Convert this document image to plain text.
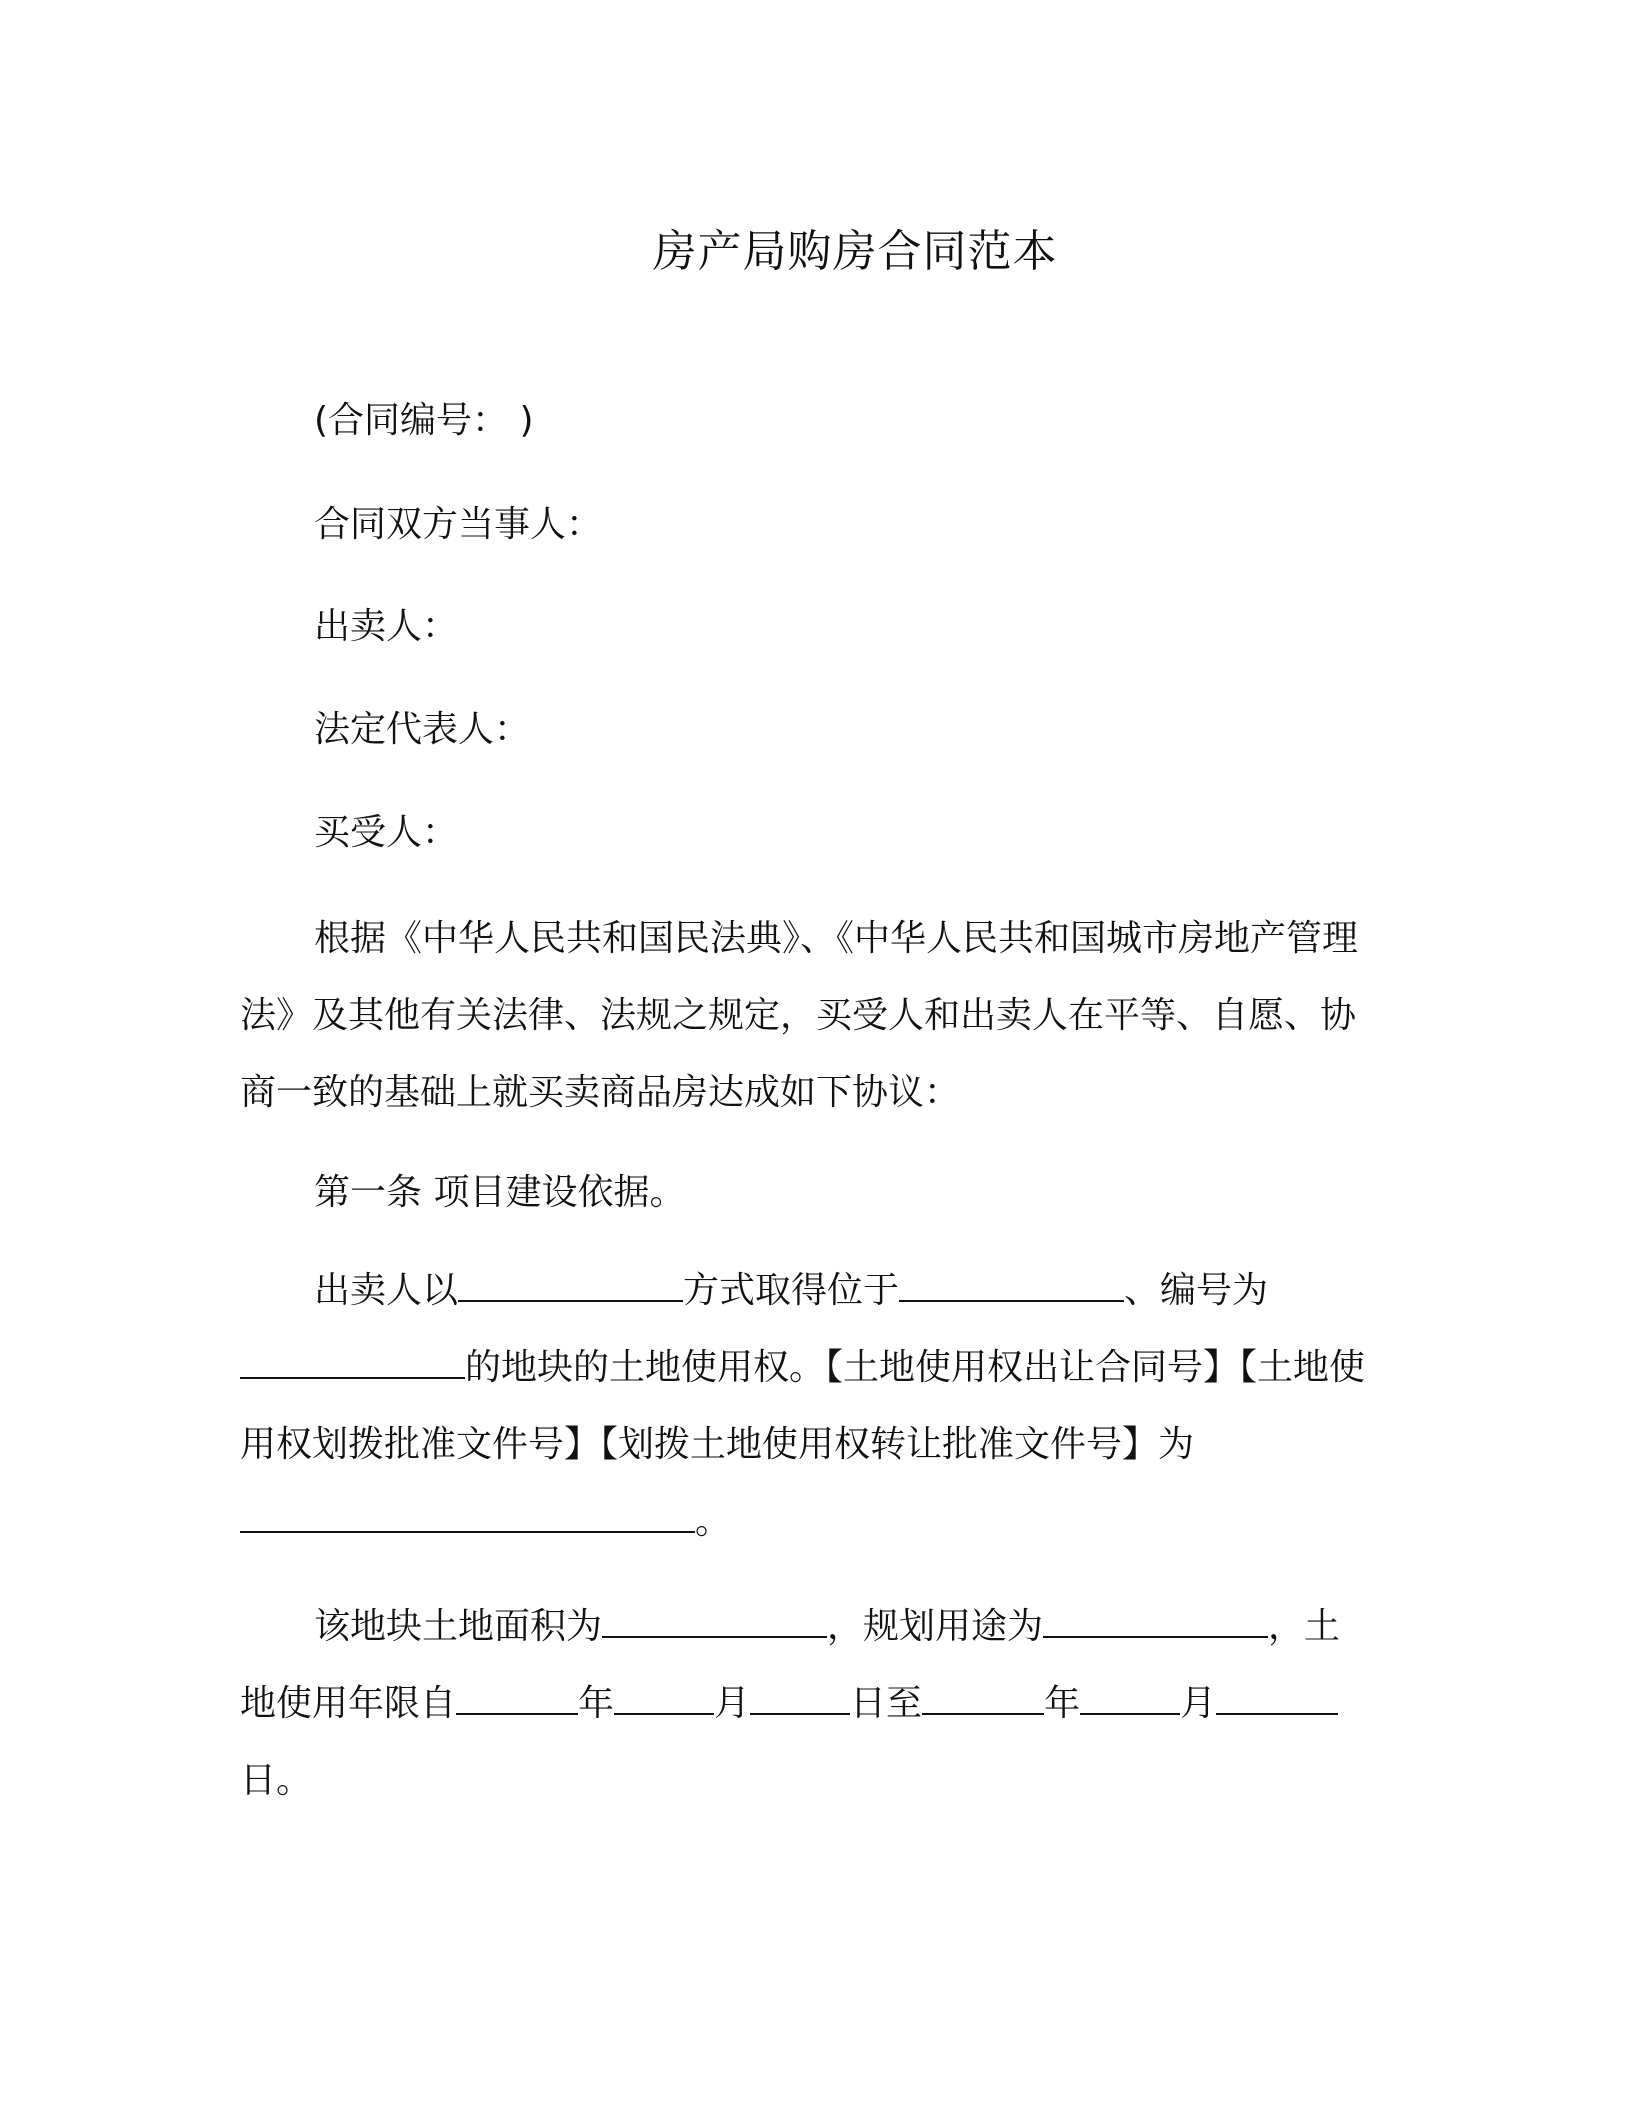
房产局购房合同范本
(合同编号： )
合同双方当事人：
出卖人：
法定代表人：
买受人：
根据《中华人民共和国民法典》、《中华人民共和国城市房地产管理法》及其他有关法律、法规之规定，买受人和出卖人在平等、自愿、协商一致的基础上就买卖商品房达成如下协议：
第一条 项目建设依据。
出卖人以	方式取得位于	、编号为的地块的土地使用权。【土地使用权出让合同号】【土地使用权划拨批准文件号】【划拨土地使用权转让批准文件号】为。
该地块土地面积为	，规划用途为	，土地使用年限自	年	月	日至	年	月日。
